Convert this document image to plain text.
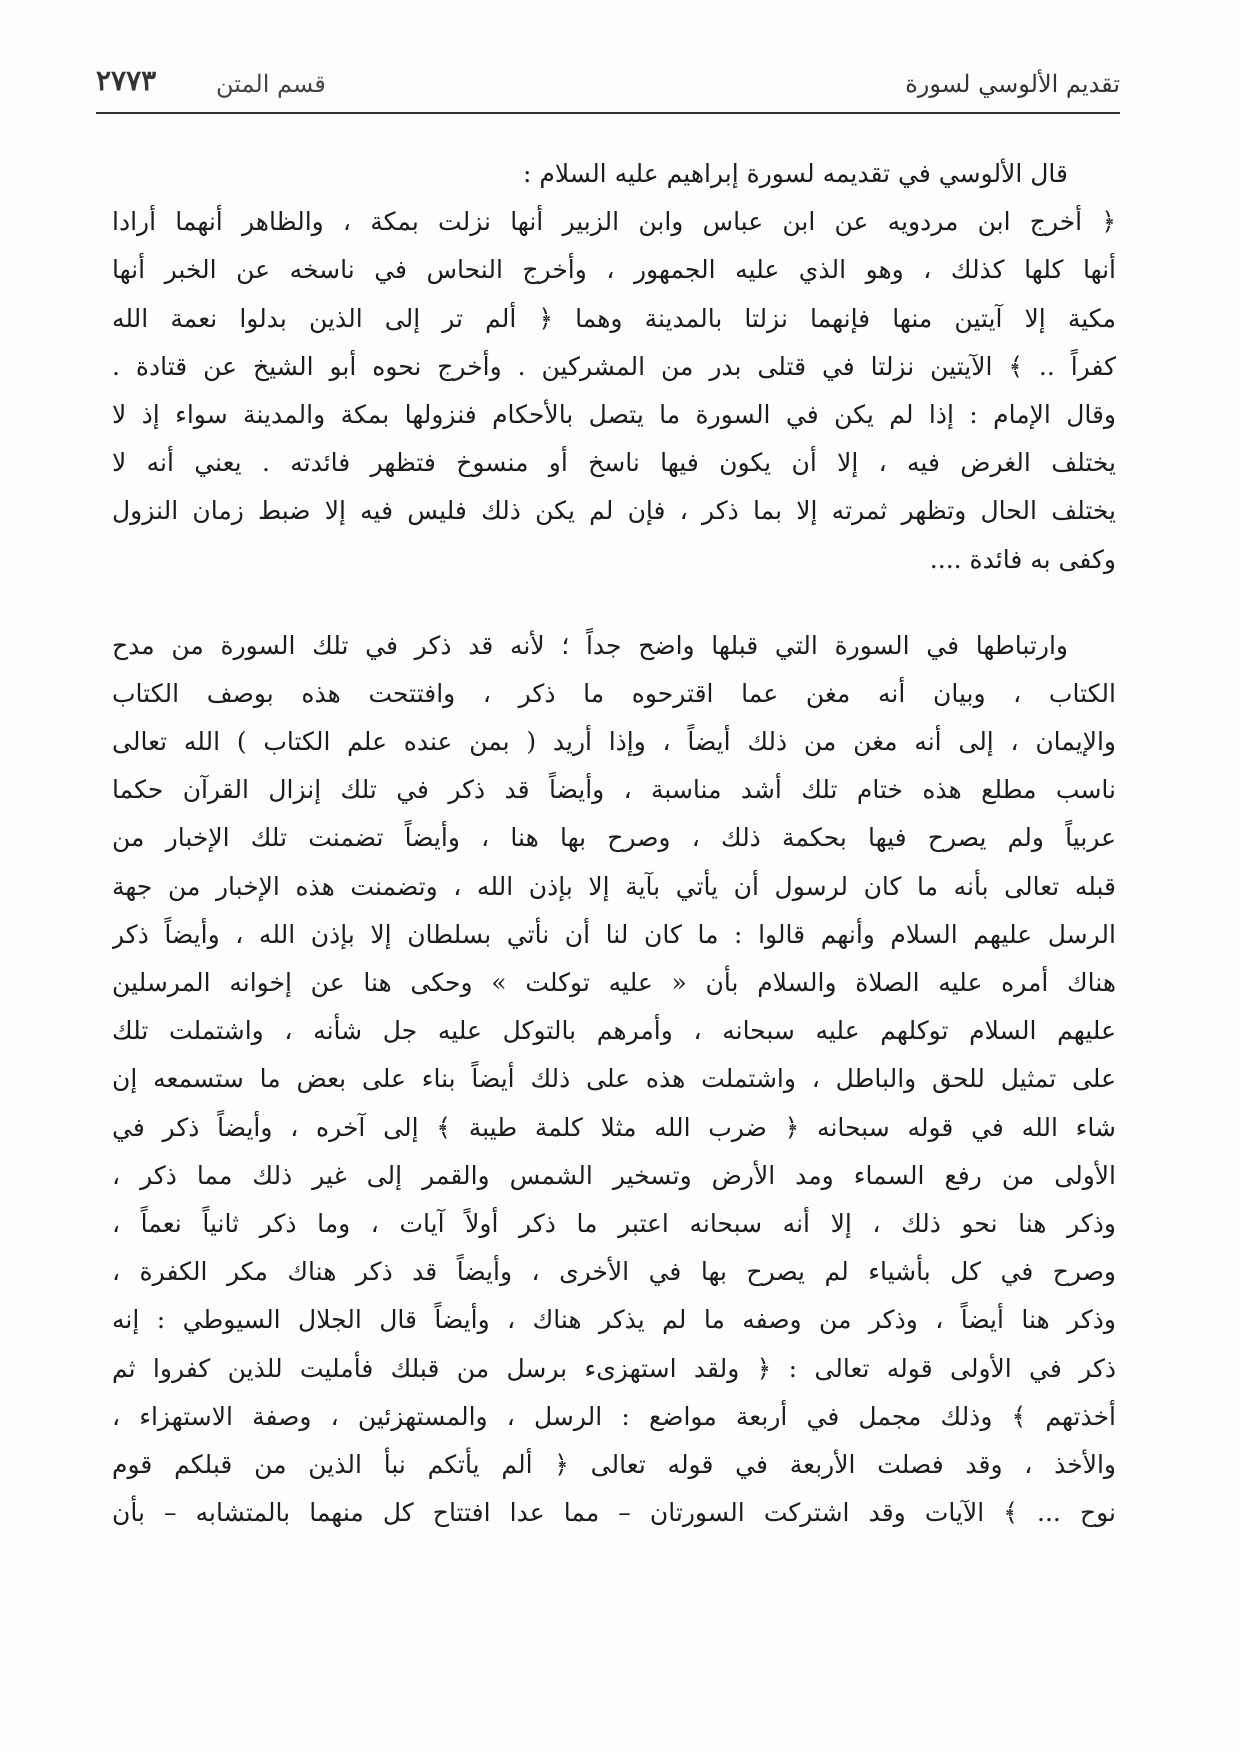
تقديم الألوسي لسورة
قسم المتن
٢٧٧٣
قال الألوسي في تقديمه لسورة إبراهيم عليه السلام :
﴿ أخرج ابن مردويه عن ابن عباس وابن الزبير أنها نزلت بمكة ، والظاهر أنهما أرادا
أنها كلها كذلك ، وهو الذي عليه الجمهور ، وأخرج النحاس في ناسخه عن الخبر أنها
مكية إلا آيتين منها فإنهما نزلتا بالمدينة وهما ﴿ ألم تر إلى الذين بدلوا نعمة الله
كفراً .. ﴾ الآيتين نزلتا في قتلى بدر من المشركين . وأخرج نحوه أبو الشيخ عن قتادة .
وقال الإمام : إذا لم يكن في السورة ما يتصل بالأحكام فنزولها بمكة والمدينة سواء إذ لا
يختلف الغرض فيه ، إلا أن يكون فيها ناسخ أو منسوخ فتظهر فائدته . يعني أنه لا
يختلف الحال وتظهر ثمرته إلا بما ذكر ، فإن لم يكن ذلك فليس فيه إلا ضبط زمان النزول
وكفى به فائدة ....
وارتباطها في السورة التي قبلها واضح جداً ؛ لأنه قد ذكر في تلك السورة من مدح
الكتاب ، وبيان أنه مغن عما اقترحوه ما ذكر ، وافتتحت هذه بوصف الكتاب
والإيمان ، إلى أنه مغن من ذلك أيضاً ، وإذا أريد ( بمن عنده علم الكتاب ) الله تعالى
ناسب مطلع هذه ختام تلك أشد مناسبة ، وأيضاً قد ذكر في تلك إنزال القرآن حكما
عربياً ولم يصرح فيها بحكمة ذلك ، وصرح بها هنا ، وأيضاً تضمنت تلك الإخبار من
قبله تعالى بأنه ما كان لرسول أن يأتي بآية إلا بإذن الله ، وتضمنت هذه الإخبار من جهة
الرسل عليهم السلام وأنهم قالوا : ما كان لنا أن نأتي بسلطان إلا بإذن الله ، وأيضاً ذكر
هناك أمره عليه الصلاة والسلام بأن « عليه توكلت » وحكى هنا عن إخوانه المرسلين
عليهم السلام توكلهم عليه سبحانه ، وأمرهم بالتوكل عليه جل شأنه ، واشتملت تلك
على تمثيل للحق والباطل ، واشتملت هذه على ذلك أيضاً بناء على بعض ما ستسمعه إن
شاء الله في قوله سبحانه ﴿ ضرب الله مثلا كلمة طيبة ﴾ إلى آخره ، وأيضاً ذكر في
الأولى من رفع السماء ومد الأرض وتسخير الشمس والقمر إلى غير ذلك مما ذكر ،
وذكر هنا نحو ذلك ، إلا أنه سبحانه اعتبر ما ذكر أولاً آيات ، وما ذكر ثانياً نعماً ،
وصرح في كل بأشياء لم يصرح بها في الأخرى ، وأيضاً قد ذكر هناك مكر الكفرة ،
وذكر هنا أيضاً ، وذكر من وصفه ما لم يذكر هناك ، وأيضاً قال الجلال السيوطي : إنه
ذكر في الأولى قوله تعالى : ﴿ ولقد استهزىء برسل من قبلك فأمليت للذين كفروا ثم
أخذتهم ﴾ وذلك مجمل في أربعة مواضع : الرسل ، والمستهزئين ، وصفة الاستهزاء ،
والأخذ ، وقد فصلت الأربعة في قوله تعالى ﴿ ألم يأتكم نبأ الذين من قبلكم قوم
نوح ... ﴾ الآيات وقد اشتركت السورتان – مما عدا افتتاح كل منهما بالمتشابه – بأن
